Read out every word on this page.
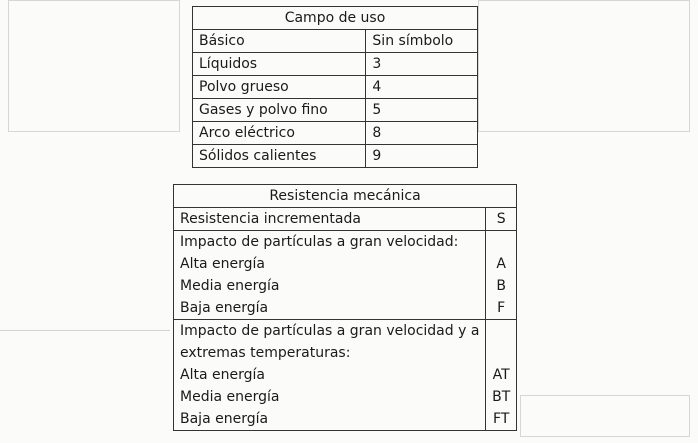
Campo de uso	
Básico	Sin símbolo
Líquidos	3
Polvo grueso	4
Gases y polvo fino	5
Arco eléctrico	8
Sólidos calientes	9
Resistencia mecánica	
Resistencia incrementada	S
Impacto de partículas a gran velocidad:	
Alta energía	A
Media energía	B
Baja energía	F
Impacto de partículas a gran velocidad y a	
extremas temperaturas:	
Alta energía	AT
Media energía	BT
Baja energía	FT
